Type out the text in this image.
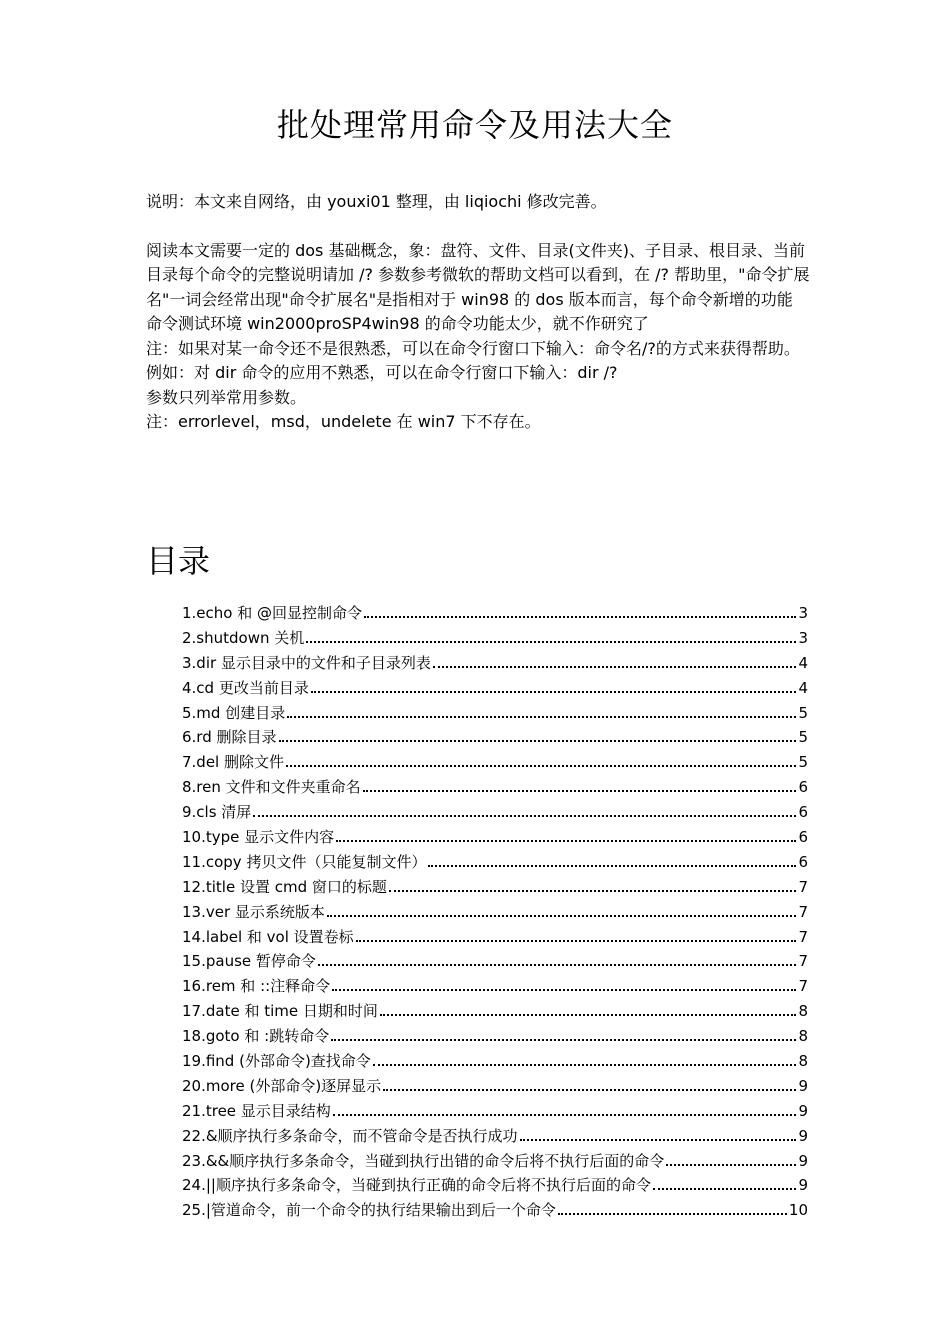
批处理常用命令及用法大全

说明：本文来自网络，由 youxi01 整理，由 liqiochi 修改完善。

阅读本文需要一定的 dos 基础概念，象：盘符、文件、目录(文件夹)、子目录、根目录、当前目录每个命令的完整说明请加 /? 参数参考微软的帮助文档可以看到，在 /? 帮助里，"命令扩展名"一词会经常出现"命令扩展名"是指相对于 win98 的 dos 版本而言，每个命令新增的功能

命令测试环境 win2000proSP4win98 的命令功能太少，就不作研究了

注：如果对某一命令还不是很熟悉，可以在命令行窗口下输入：命令名/?的方式来获得帮助。

例如：对 dir 命令的应用不熟悉，可以在命令行窗口下输入：dir /?

参数只列举常用参数。

注：errorlevel，msd，undelete 在 win7 下不存在。

目录
1.echo 和 @回显控制命令	3
2.shutdown 关机	3
3.dir 显示目录中的文件和子目录列表	4
4.cd 更改当前目录	4
5.md 创建目录	5
6.rd 删除目录	5
7.del 删除文件	5
8.ren 文件和文件夹重命名	6
9.cls 清屏	6
10.type 显示文件内容	6
11.copy 拷贝文件（只能复制文件）	6
12.title 设置 cmd 窗口的标题	7
13.ver 显示系统版本	7
14.label 和 vol 设置卷标	7
15.pause 暂停命令	7
16.rem 和 ::注释命令	7
17.date 和 time 日期和时间	8
18.goto 和 :跳转命令	8
19.find (外部命令)查找命令	8
20.more (外部命令)逐屏显示	9
21.tree 显示目录结构	9
22.&顺序执行多条命令，而不管命令是否执行成功	9
23.&&顺序执行多条命令，当碰到执行出错的命令后将不执行后面的命令	9
24.||顺序执行多条命令，当碰到执行正确的命令后将不执行后面的命令	9
25.|管道命令，前一个命令的执行结果输出到后一个命令	10
